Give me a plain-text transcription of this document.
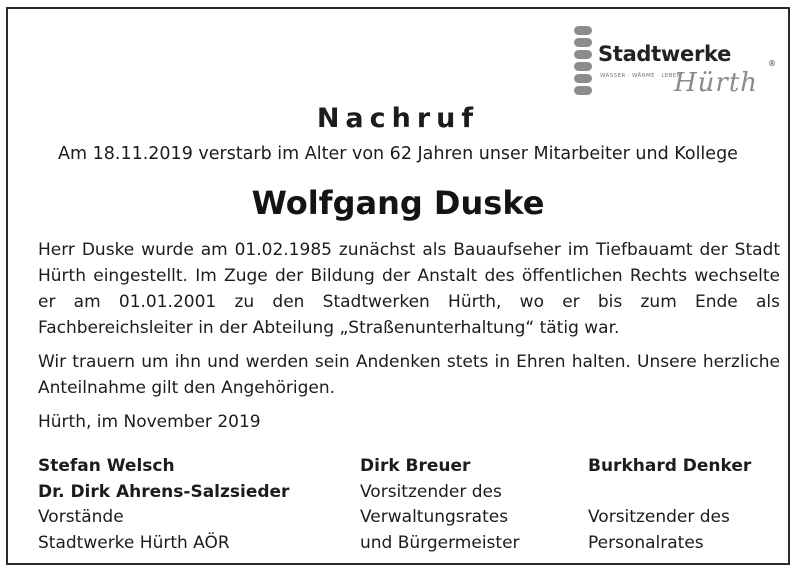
Stadtwerke	®
WASSER · WÄRME · LEBEN
Hürth
Nachruf

Am 18.11.2019 verstarb im Alter von 62 Jahren unser Mitarbeiter und Kollege

Wolfgang Duske

Herr Duske wurde am 01.02.1985 zunächst als Bauaufseher im Tiefbauamt der Stadt Hürth eingestellt. Im Zuge der Bildung der Anstalt des öffentlichen Rechts wechselte er am 01.01.2001 zu den Stadtwerken Hürth, wo er bis zum Ende als Fachbereichsleiter in der Abteilung „Straßenunterhaltung“ tätig war.

Wir trauern um ihn und werden sein Andenken stets in Ehren halten. Unsere herzliche Anteilnahme gilt den Angehörigen.

Hürth, im November 2019

Stefan Welsch
Dr. Dirk Ahrens-Salzsieder
Vorstände
Stadtwerke Hürth AÖR
Dirk Breuer
Vorsitzender des
Verwaltungsrates
und Bürgermeister
Burkhard Denker
Vorsitzender des
Personalrates
